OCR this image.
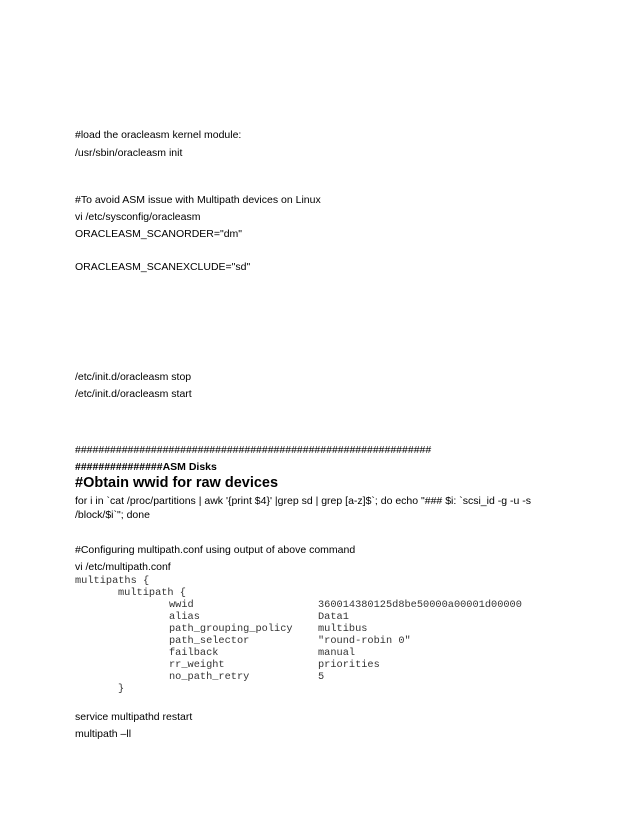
#load the oracleasm kernel module:

/usr/sbin/oracleasm init

#To avoid ASM issue with Multipath devices on Linux

vi /etc/sysconfig/oracleasm

ORACLEASM_SCANORDER="dm"

ORACLEASM_SCANEXCLUDE="sd"

/etc/init.d/oracleasm stop

/etc/init.d/oracleasm start

#############################################################

###############ASM Disks

#Obtain wwid for raw devices

for i in `cat /proc/partitions | awk '{print $4}' |grep sd | grep [a-z]$`; do echo "### $i: `scsi_id -g -u -s /block/$i`"; done

#Configuring multipath.conf using output of above command

vi /etc/multipath.conf

multipaths {

multipath {

wwid	360014380125d8be50000a00001d00000

alias	Data1

path_grouping_policy multibus

path_selector	"round-robin 0"

failback	manual

rr_weight	priorities

no_path_retry	5

}

service multipathd restart

multipath –ll
